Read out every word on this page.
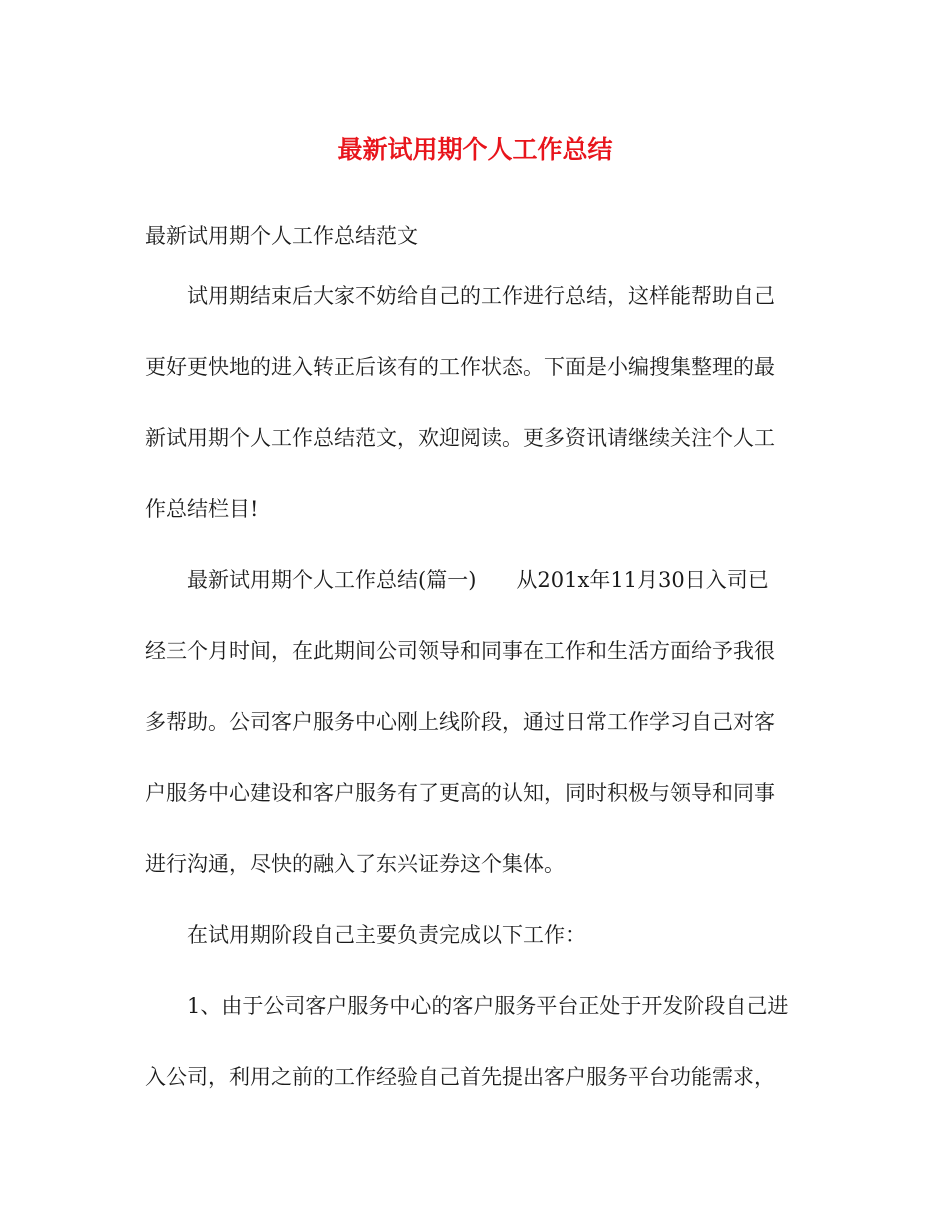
最新试用期个人工作总结

最新试用期个人工作总结范文

试用期结束后大家不妨给自己的工作进行总结，这样能帮助自己
更好更快地的进入转正后该有的工作状态。下面是小编搜集整理的最
新试用期个人工作总结范文，欢迎阅读。更多资讯请继续关注个人工
作总结栏目!
最新试用期个人工作总结(篇一) 从201x年11月30日入司已
经三个月时间，在此期间公司领导和同事在工作和生活方面给予我很
多帮助。公司客户服务中心刚上线阶段，通过日常工作学习自己对客
户服务中心建设和客户服务有了更高的认知，同时积极与领导和同事
进行沟通，尽快的融入了东兴证券这个集体。
在试用期阶段自己主要负责完成以下工作：
1、由于公司客户服务中心的客户服务平台正处于开发阶段自己进
入公司，利用之前的工作经验自己首先提出客户服务平台功能需求，
